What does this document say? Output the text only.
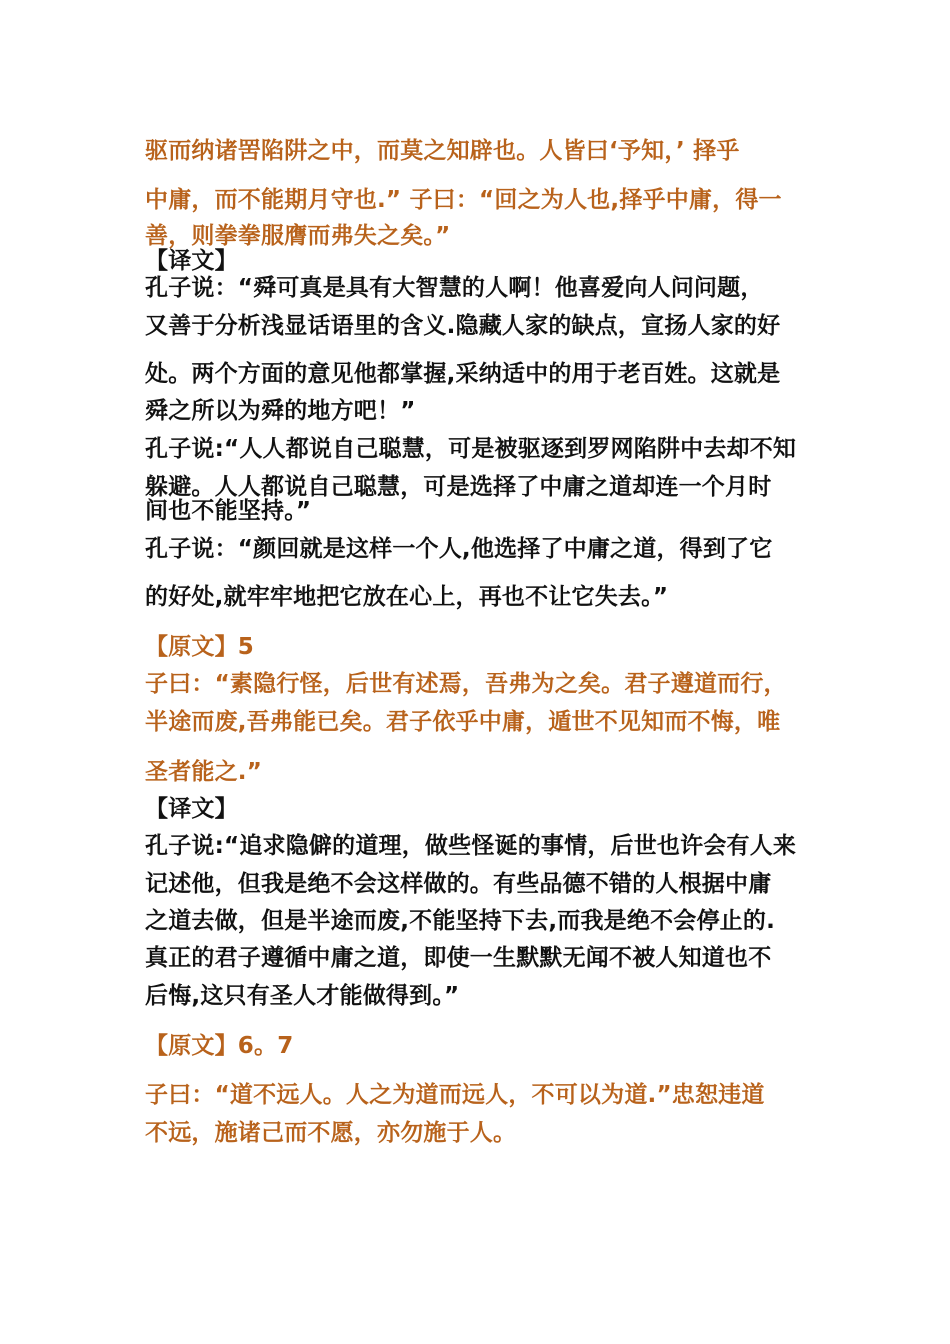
驱而纳诸罟陷阱之中，而莫之知辟也。人皆曰‘予知，’ 择乎
中庸，而不能期月守也.” 子曰：“回之为人也,择乎中庸，得一
善，则拳拳服膺而弗失之矣。”
【译文】
孔子说：“舜可真是具有大智慧的人啊！他喜爱向人问问题，
又善于分析浅显话语里的含义.隐藏人家的缺点，宣扬人家的好
处。两个方面的意见他都掌握,采纳适中的用于老百姓。这就是
舜之所以为舜的地方吧！”
孔子说:“人人都说自己聪慧，可是被驱逐到罗网陷阱中去却不知
躲避。人人都说自己聪慧，可是选择了中庸之道却连一个月时
间也不能坚持。”
孔子说：“颜回就是这样一个人,他选择了中庸之道，得到了它
的好处,就牢牢地把它放在心上，再也不让它失去。”
【原文】5
子曰：“素隐行怪，后世有述焉，吾弗为之矣。君子遵道而行，
半途而废,吾弗能已矣。君子依乎中庸，遁世不见知而不悔，唯
圣者能之.”
【译文】
孔子说:“追求隐僻的道理，做些怪诞的事情，后世也许会有人来
记述他，但我是绝不会这样做的。有些品德不错的人根据中庸
之道去做，但是半途而废,不能坚持下去,而我是绝不会停止的.
真正的君子遵循中庸之道，即使一生默默无闻不被人知道也不
后悔,这只有圣人才能做得到。”
【原文】6。7
子曰：“道不远人。人之为道而远人，不可以为道.”忠恕违道
不远，施诸己而不愿，亦勿施于人。
